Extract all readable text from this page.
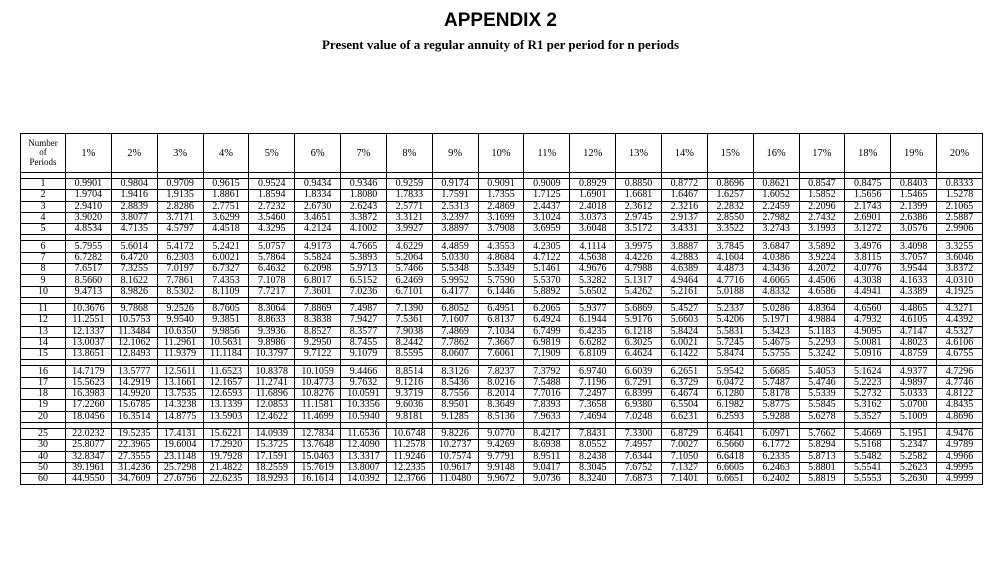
APPENDIX 2
Present value of a regular annuity of R1 per period for n periods
Number
of
Periods	1%	2%	3%	4%	5%	6%	7%	8%	9%	10%	11%	12%	13%	14%	15%	16%	17%	18%	19%	20%

1	0.9901	0.9804	0.9709	0.9615	0.9524	0.9434	0.9346	0.9259	0.9174	0.9091	0.9009	0.8929	0.8850	0.8772	0.8696	0.8621	0.8547	0.8475	0.8403	0.8333
2	1.9704	1.9416	1.9135	1.8861	1.8594	1.8334	1.8080	1.7833	1.7591	1.7355	1.7125	1.6901	1.6681	1.6467	1.6257	1.6052	1.5852	1.5656	1.5465	1.5278
3	2.9410	2.8839	2.8286	2.7751	2.7232	2.6730	2.6243	2.5771	2.5313	2.4869	2.4437	2.4018	2.3612	2.3216	2.2832	2.2459	2.2096	2.1743	2.1399	2.1065
4	3.9020	3.8077	3.7171	3.6299	3.5460	3.4651	3.3872	3.3121	3.2397	3.1699	3.1024	3.0373	2.9745	2.9137	2.8550	2.7982	2.7432	2.6901	2.6386	2.5887
5	4.8534	4.7135	4.5797	4.4518	4.3295	4.2124	4.1002	3.9927	3.8897	3.7908	3.6959	3.6048	3.5172	3.4331	3.3522	3.2743	3.1993	3.1272	3.0576	2.9906

6	5.7955	5.6014	5.4172	5.2421	5.0757	4.9173	4.7665	4.6229	4.4859	4.3553	4.2305	4.1114	3.9975	3.8887	3.7845	3.6847	3.5892	3.4976	3.4098	3.3255
7	6.7282	6.4720	6.2303	6.0021	5.7864	5.5824	5.3893	5.2064	5.0330	4.8684	4.7122	4.5638	4.4226	4.2883	4.1604	4.0386	3.9224	3.8115	3.7057	3.6046
8	7.6517	7.3255	7.0197	6.7327	6.4632	6.2098	5.9713	5.7466	5.5348	5.3349	5.1461	4.9676	4.7988	4.6389	4.4873	4.3436	4.2072	4.0776	3.9544	3.8372
9	8.5660	8.1622	7.7861	7.4353	7.1078	6.8017	6.5152	6.2469	5.9952	5.7590	5.5370	5.3282	5.1317	4.9464	4.7716	4.6065	4.4506	4.3038	4.1633	4.0310
10	9.4713	8.9826	8.5302	8.1109	7.7217	7.3601	7.0236	6.7101	6.4177	6.1446	5.8892	5.6502	5.4262	5.2161	5.0188	4.8332	4.6586	4.4941	4.3389	4.1925

11	10.3676	9.7868	9.2526	8.7605	8.3064	7.8869	7.4987	7.1390	6.8052	6.4951	6.2065	5.9377	5.6869	5.4527	5.2337	5.0286	4.8364	4.6560	4.4865	4.3271
12	11.2551	10.5753	9.9540	9.3851	8.8633	8.3838	7.9427	7.5361	7.1607	6.8137	6.4924	6.1944	5.9176	5.6603	5.4206	5.1971	4.9884	4.7932	4.6105	4.4392
13	12.1337	11.3484	10.6350	9.9856	9.3936	8.8527	8.3577	7.9038	7.4869	7.1034	6.7499	6.4235	6.1218	5.8424	5.5831	5.3423	5.1183	4.9095	4.7147	4.5327
14	13.0037	12.1062	11.2961	10.5631	9.8986	9.2950	8.7455	8.2442	7.7862	7.3667	6.9819	6.6282	6.3025	6.0021	5.7245	5.4675	5.2293	5.0081	4.8023	4.6106
15	13.8651	12.8493	11.9379	11.1184	10.3797	9.7122	9.1079	8.5595	8.0607	7.6061	7.1909	6.8109	6.4624	6.1422	5.8474	5.5755	5.3242	5.0916	4.8759	4.6755

16	14.7179	13.5777	12.5611	11.6523	10.8378	10.1059	9.4466	8.8514	8.3126	7.8237	7.3792	6.9740	6.6039	6.2651	5.9542	5.6685	5.4053	5.1624	4.9377	4.7296
17	15.5623	14.2919	13.1661	12.1657	11.2741	10.4773	9.7632	9.1216	8.5436	8.0216	7.5488	7.1196	6.7291	6.3729	6.0472	5.7487	5.4746	5.2223	4.9897	4.7746
18	16.3983	14.9920	13.7535	12.6593	11.6896	10.8276	10.0591	9.3719	8.7556	8.2014	7.7016	7.2497	6.8399	6.4674	6.1280	5.8178	5.5339	5.2732	5.0333	4.8122
19	17.2260	15.6785	14.3238	13.1339	12.0853	11.1581	10.3356	9.6036	8.9501	8.3649	7.8393	7.3658	6.9380	6.5504	6.1982	5.8775	5.5845	5.3162	5.0700	4.8435
20	18.0456	16.3514	14.8775	13.5903	12.4622	11.4699	10.5940	9.8181	9.1285	8.5136	7.9633	7.4694	7.0248	6.6231	6.2593	5.9288	5.6278	5.3527	5.1009	4.8696

25	22.0232	19.5235	17.4131	15.6221	14.0939	12.7834	11.6536	10.6748	9.8226	9.0770	8.4217	7.8431	7.3300	6.8729	6.4641	6.0971	5.7662	5.4669	5.1951	4.9476
30	25.8077	22.3965	19.6004	17.2920	15.3725	13.7648	12.4090	11.2578	10.2737	9.4269	8.6938	8.0552	7.4957	7.0027	6.5660	6.1772	5.8294	5.5168	5.2347	4.9789
40	32.8347	27.3555	23.1148	19.7928	17.1591	15.0463	13.3317	11.9246	10.7574	9.7791	8.9511	8.2438	7.6344	7.1050	6.6418	6.2335	5.8713	5.5482	5.2582	4.9966
50	39.1961	31.4236	25.7298	21.4822	18.2559	15.7619	13.8007	12.2335	10.9617	9.9148	9.0417	8.3045	7.6752	7.1327	6.6605	6.2463	5.8801	5.5541	5.2623	4.9995
60	44.9550	34.7609	27.6756	22.6235	18.9293	16.1614	14.0392	12.3766	11.0480	9.9672	9.0736	8.3240	7.6873	7.1401	6.6651	6.2402	5.8819	5.5553	5.2630	4.9999
